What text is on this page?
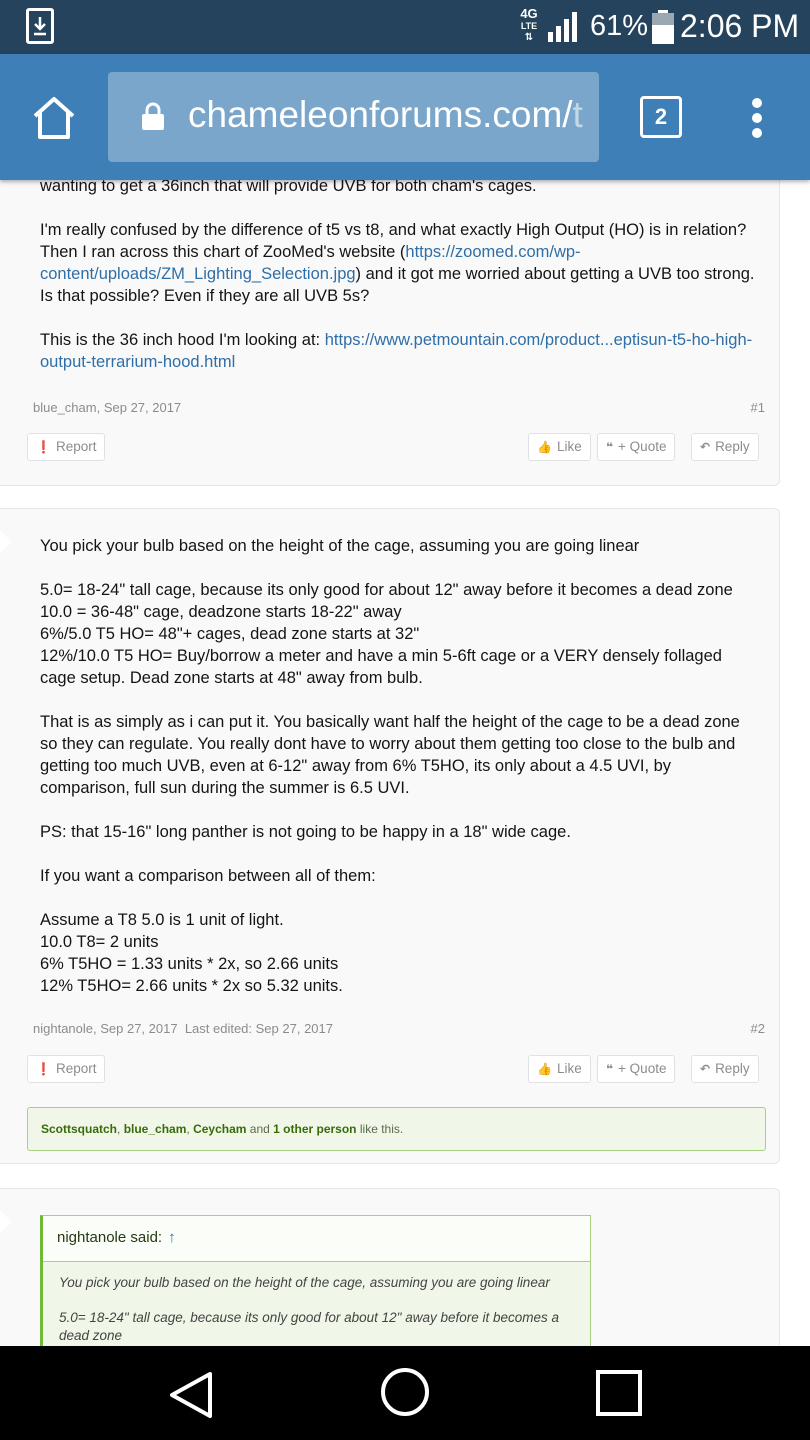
4G
LTE
⇅	61% 2:06 PM
chameleonforums.com/t	2

wanting to get a 36inch that will provide UVB for both cham's cages.

I'm really confused by the difference of t5 vs t8, and what exactly High Output (HO) is in relation? Then I ran across this chart of ZooMed's website (https://zoomed.com/wp-content/uploads/ZM_Lighting_Selection.jpg) and it got me worried about getting a UVB too strong. Is that possible? Even if they are all UVB 5s?

This is the 36 inch hood I'm looking at: https://www.petmountain.com/product...eptisun-t5-ho-high-output-terrarium-hood.html

blue_cham, Sep 27, 2017	#1
❗ Report	👍 Like	❝ + Quote	↶ Reply

You pick your bulb based on the height of the cage, assuming you are going linear

5.0= 18-24" tall cage, because its only good for about 12" away before it becomes a dead zone
10.0 = 36-48" cage, deadzone starts 18-22" away
6%/5.0 T5 HO= 48"+ cages, dead zone starts at 32"
12%/10.0 T5 HO= Buy/borrow a meter and have a min 5-6ft cage or a VERY densely follaged cage setup. Dead zone starts at 48" away from bulb.

That is as simply as i can put it. You basically want half the height of the cage to be a dead zone so they can regulate. You really dont have to worry about them getting too close to the bulb and getting too much UVB, even at 6-12" away from 6% T5HO, its only about a 4.5 UVI, by comparison, full sun during the summer is 6.5 UVI.

PS: that 15-16" long panther is not going to be happy in a 18" wide cage.

If you want a comparison between all of them:

Assume a T8 5.0 is 1 unit of light.
10.0 T8= 2 units
6% T5HO = 1.33 units * 2x, so 2.66 units
12% T5HO= 2.66 units * 2x so 5.32 units.

nightanole, Sep 27, 2017 Last edited: Sep 27, 2017	#2
❗ Report	👍 Like	❝ + Quote	↶ Reply
Scottsquatch, blue_cham, Ceycham and 1 other person like this.
nightanole said: ↑

You pick your bulb based on the height of the cage, assuming you are going linear

5.0= 18-24" tall cage, because its only good for about 12" away before it becomes a dead zone
